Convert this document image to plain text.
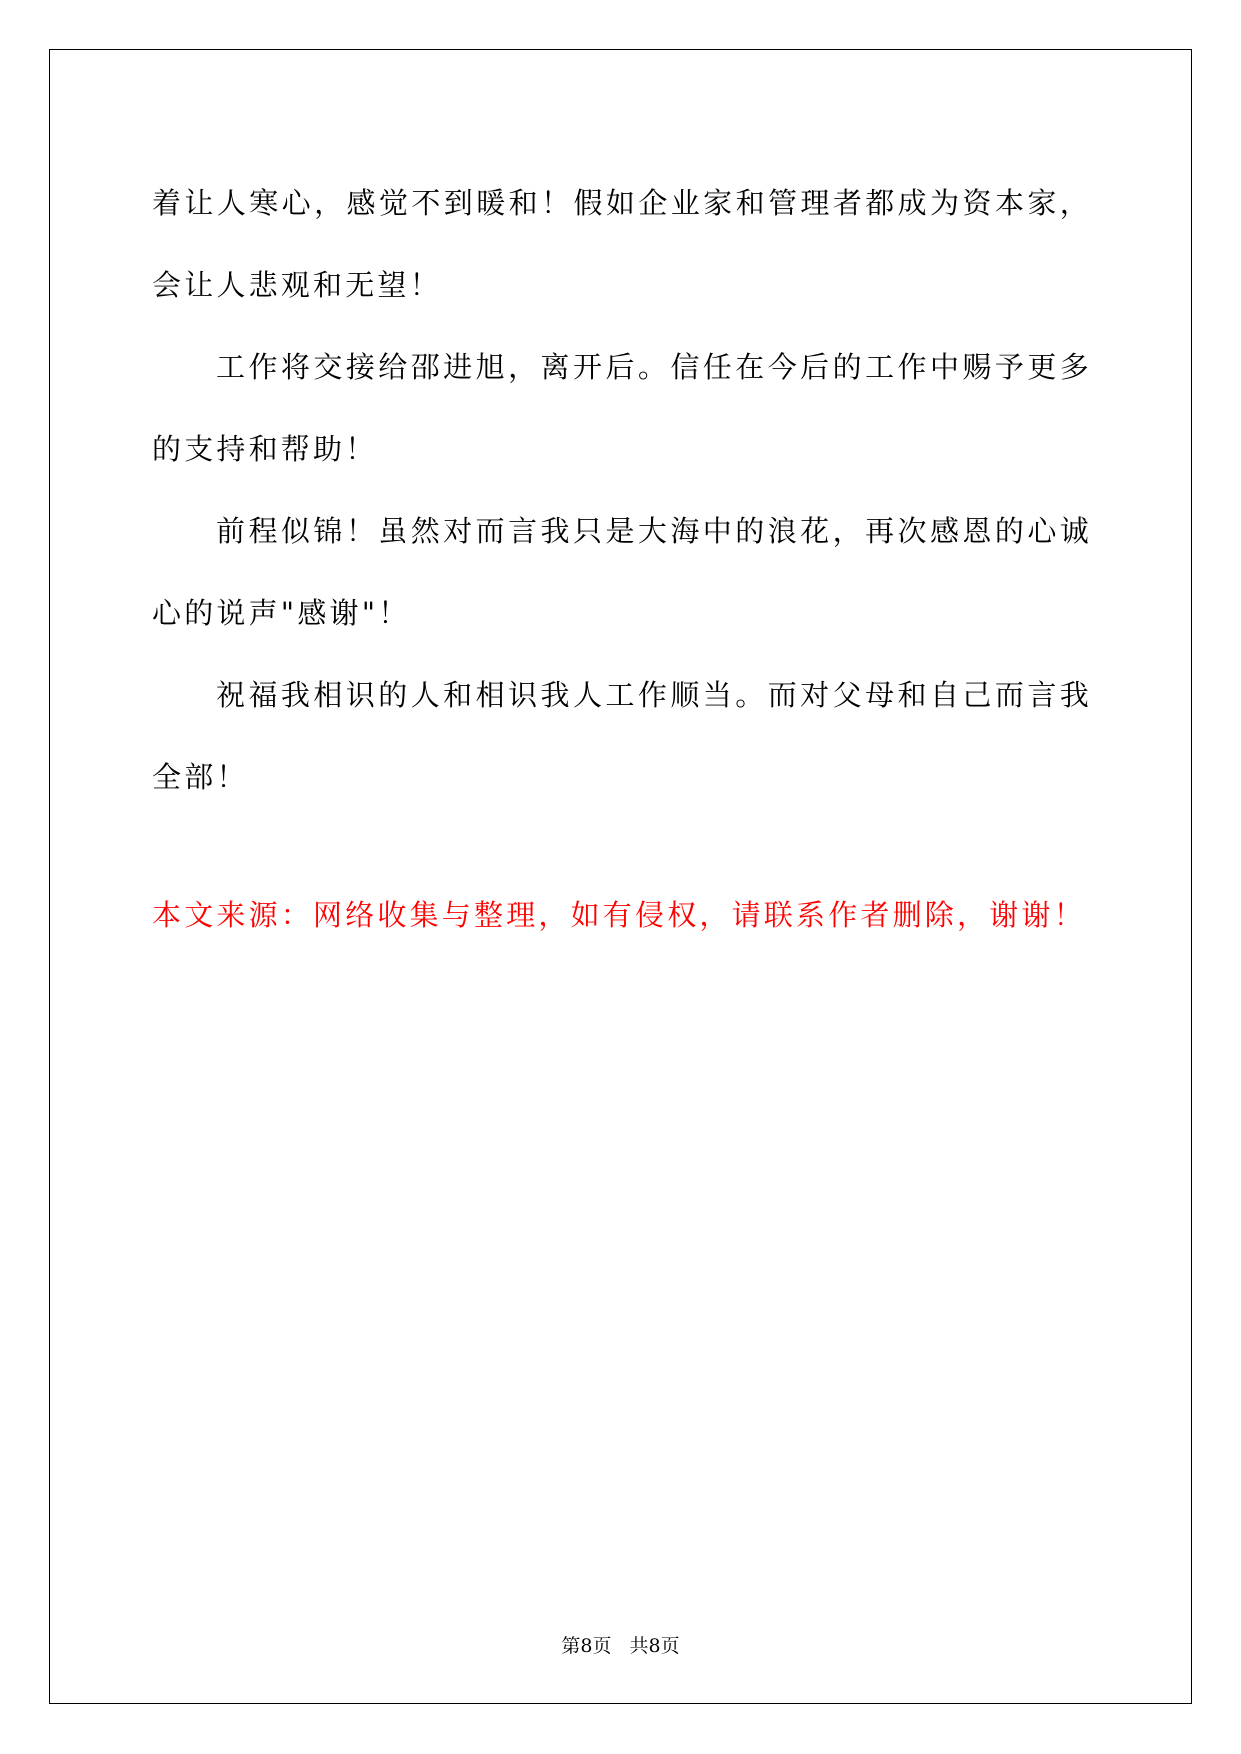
着让人寒心，感觉不到暖和！假如企业家和管理者都成为资本家，会让人悲观和无望！

工作将交接给邵进旭，离开后。信任在今后的工作中赐予更多的支持和帮助！

前程似锦！虽然对而言我只是大海中的浪花，再次感恩的心诚心的说声"感谢"！

祝福我相识的人和相识我人工作顺当。而对父母和自己而言我全部！

本文来源：网络收集与整理，如有侵权，请联系作者删除，谢谢！
第8页 共8页
